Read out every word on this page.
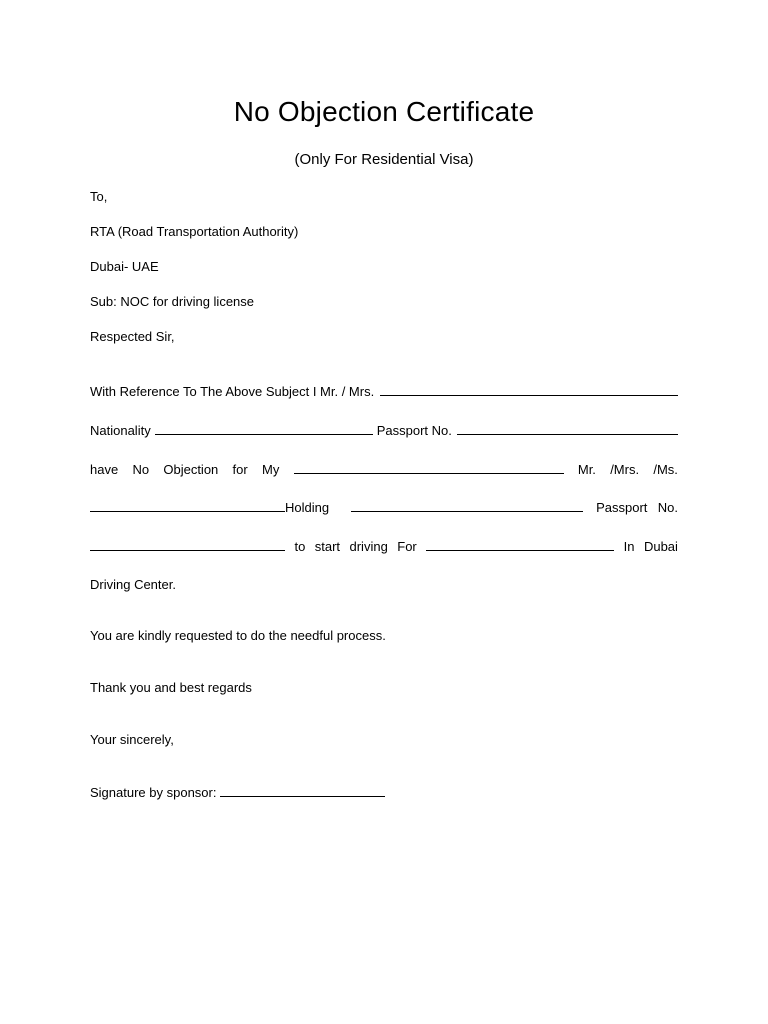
No Objection Certificate
(Only For Residential Visa)
To,
RTA (Road Transportation Authority)
Dubai- UAE
Sub: NOC for driving license
Respected Sir,
With Reference To The Above Subject I Mr. / Mrs.
Nationality	Passport No.
have No Objection for My	Mr. /Mrs. /Ms.
Holding	Passport No.
to start driving For	In Dubai
Driving Center.
You are kindly requested to do the needful process.
Thank you and best regards
Your sincerely,
Signature by sponsor:
